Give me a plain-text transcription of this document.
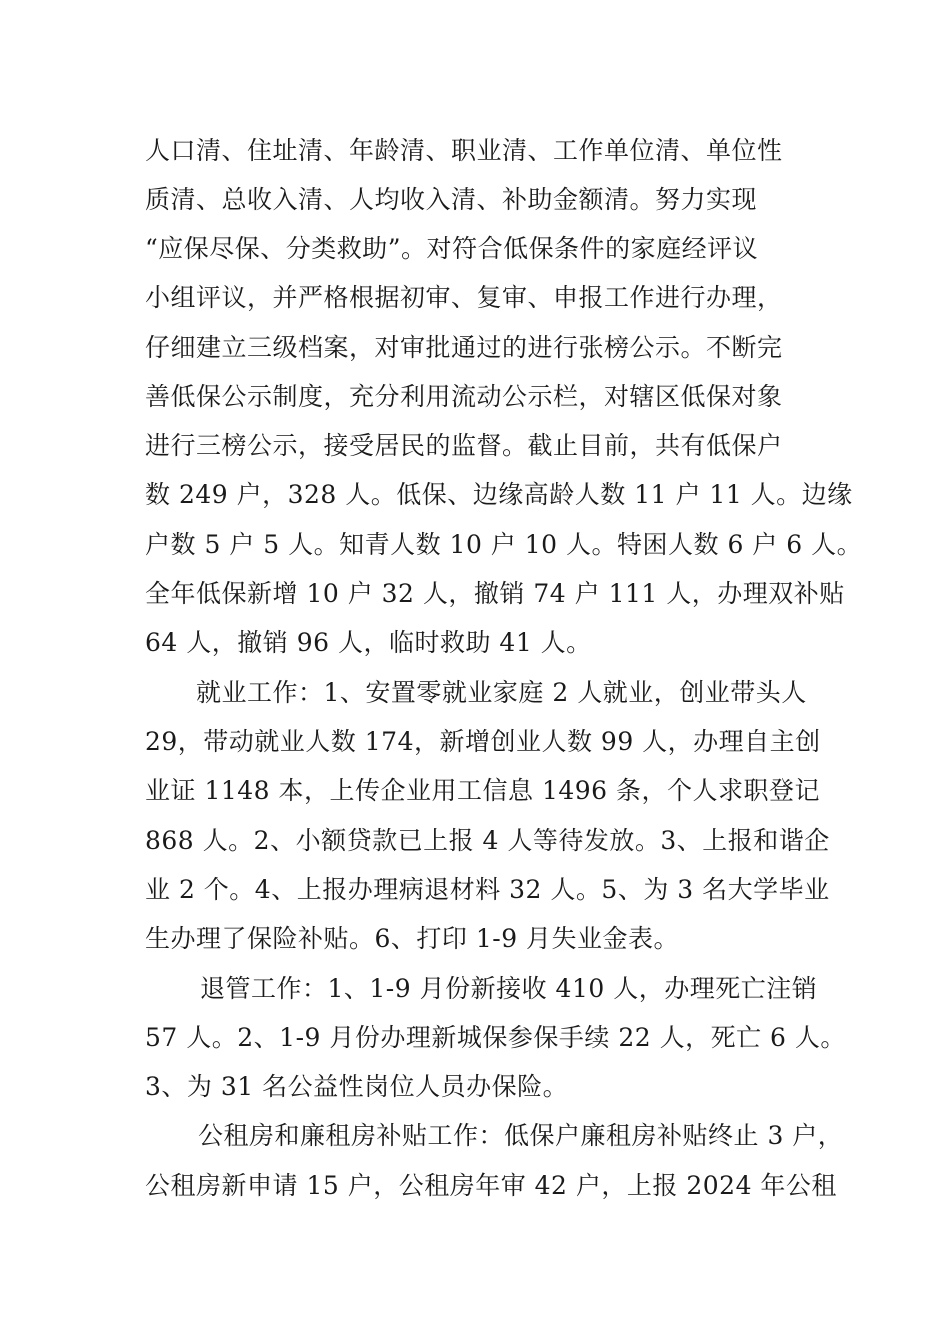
人口清、住址清、年龄清、职业清、工作单位清、单位性
质清、总收入清、人均收入清、补助金额清。努力实现
“应保尽保、分类救助”。对符合低保条件的家庭经评议
小组评议，并严格根据初审、复审、申报工作进行办理，
仔细建立三级档案，对审批通过的进行张榜公示。不断完
善低保公示制度，充分利用流动公示栏，对辖区低保对象
进行三榜公示，接受居民的监督。截止目前，共有低保户
数 249 户，328 人。低保、边缘高龄人数 11 户 11 人。边缘
户数 5 户 5 人。知青人数 10 户 10 人。特困人数 6 户 6 人。
全年低保新增 10 户 32 人，撤销 74 户 111 人，办理双补贴
64 人，撤销 96 人，临时救助 41 人。
就业工作：1、安置零就业家庭 2 人就业，创业带头人
29，带动就业人数 174，新增创业人数 99 人，办理自主创
业证 1148 本，上传企业用工信息 1496 条，个人求职登记
868 人。2、小额贷款已上报 4 人等待发放。3、上报和谐企
业 2 个。4、上报办理病退材料 32 人。5、为 3 名大学毕业
生办理了保险补贴。6、打印 1-9 月失业金表。
退管工作：1、1-9 月份新接收 410 人，办理死亡注销
57 人。2、1-9 月份办理新城保参保手续 22 人，死亡 6 人。
3、为 31 名公益性岗位人员办保险。
公租房和廉租房补贴工作：低保户廉租房补贴终止 3 户，
公租房新申请 15 户，公租房年审 42 户，上报 2024 年公租
